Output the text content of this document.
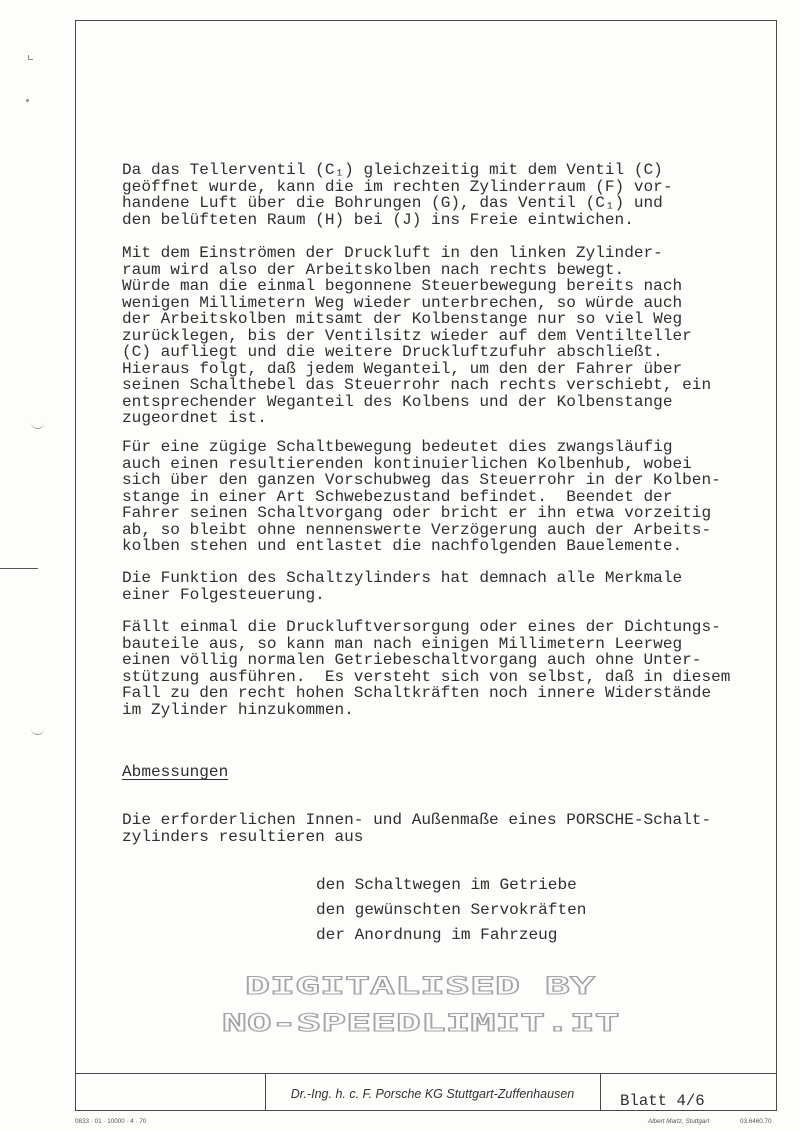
Da das Tellerventil (C₁) gleichzeitig mit dem Ventil (C)
geöffnet wurde, kann die im rechten Zylinderraum (F) vor-
handene Luft über die Bohrungen (G), das Ventil (C₁) und
den belüfteten Raum (H) bei (J) ins Freie eintwichen.
Mit dem Einströmen der Druckluft in den linken Zylinder-
raum wird also der Arbeitskolben nach rechts bewegt.
Würde man die einmal begonnene Steuerbewegung bereits nach
wenigen Millimetern Weg wieder unterbrechen, so würde auch
der Arbeitskolben mitsamt der Kolbenstange nur so viel Weg
zurücklegen, bis der Ventilsitz wieder auf dem Ventilteller
(C) aufliegt und die weitere Druckluftzufuhr abschließt.
Hieraus folgt, daß jedem Weganteil, um den der Fahrer über
seinen Schalthebel das Steuerrohr nach rechts verschiebt, ein
entsprechender Weganteil des Kolbens und der Kolbenstange
zugeordnet ist.
Für eine zügige Schaltbewegung bedeutet dies zwangsläufig
auch einen resultierenden kontinuierlichen Kolbenhub, wobei
sich über den ganzen Vorschubweg das Steuerrohr in der Kolben-
stange in einer Art Schwebezustand befindet.  Beendet der
Fahrer seinen Schaltvorgang oder bricht er ihn etwa vorzeitig
ab, so bleibt ohne nennenswerte Verzögerung auch der Arbeits-
kolben stehen und entlastet die nachfolgenden Bauelemente.
Die Funktion des Schaltzylinders hat demnach alle Merkmale
einer Folgesteuerung.
Fällt einmal die Druckluftversorgung oder eines der Dichtungs-
bauteile aus, so kann man nach einigen Millimetern Leerweg
einen völlig normalen Getriebeschaltvorgang auch ohne Unter-
stützung ausführen.  Es versteht sich von selbst, daß in diesem
Fall zu den recht hohen Schaltkräften noch innere Widerstände
im Zylinder hinzukommen.
Abmessungen
Die erforderlichen Innen- und Außenmaße eines PORSCHE-Schalt-
zylinders resultieren aus
den Schaltwegen im Getriebe
den gewünschten Servokräften
der Anordnung im Fahrzeug
DIGITALISED BY
NO-SPEEDLIMIT.IT
Dr.-Ing. h. c. F. Porsche KG Stuttgart-Zuffenhausen	Blatt 4/6
0833 · 01 · 10000 · 4 · 70	Albert Martz, Stuttgart	03.6460.70
